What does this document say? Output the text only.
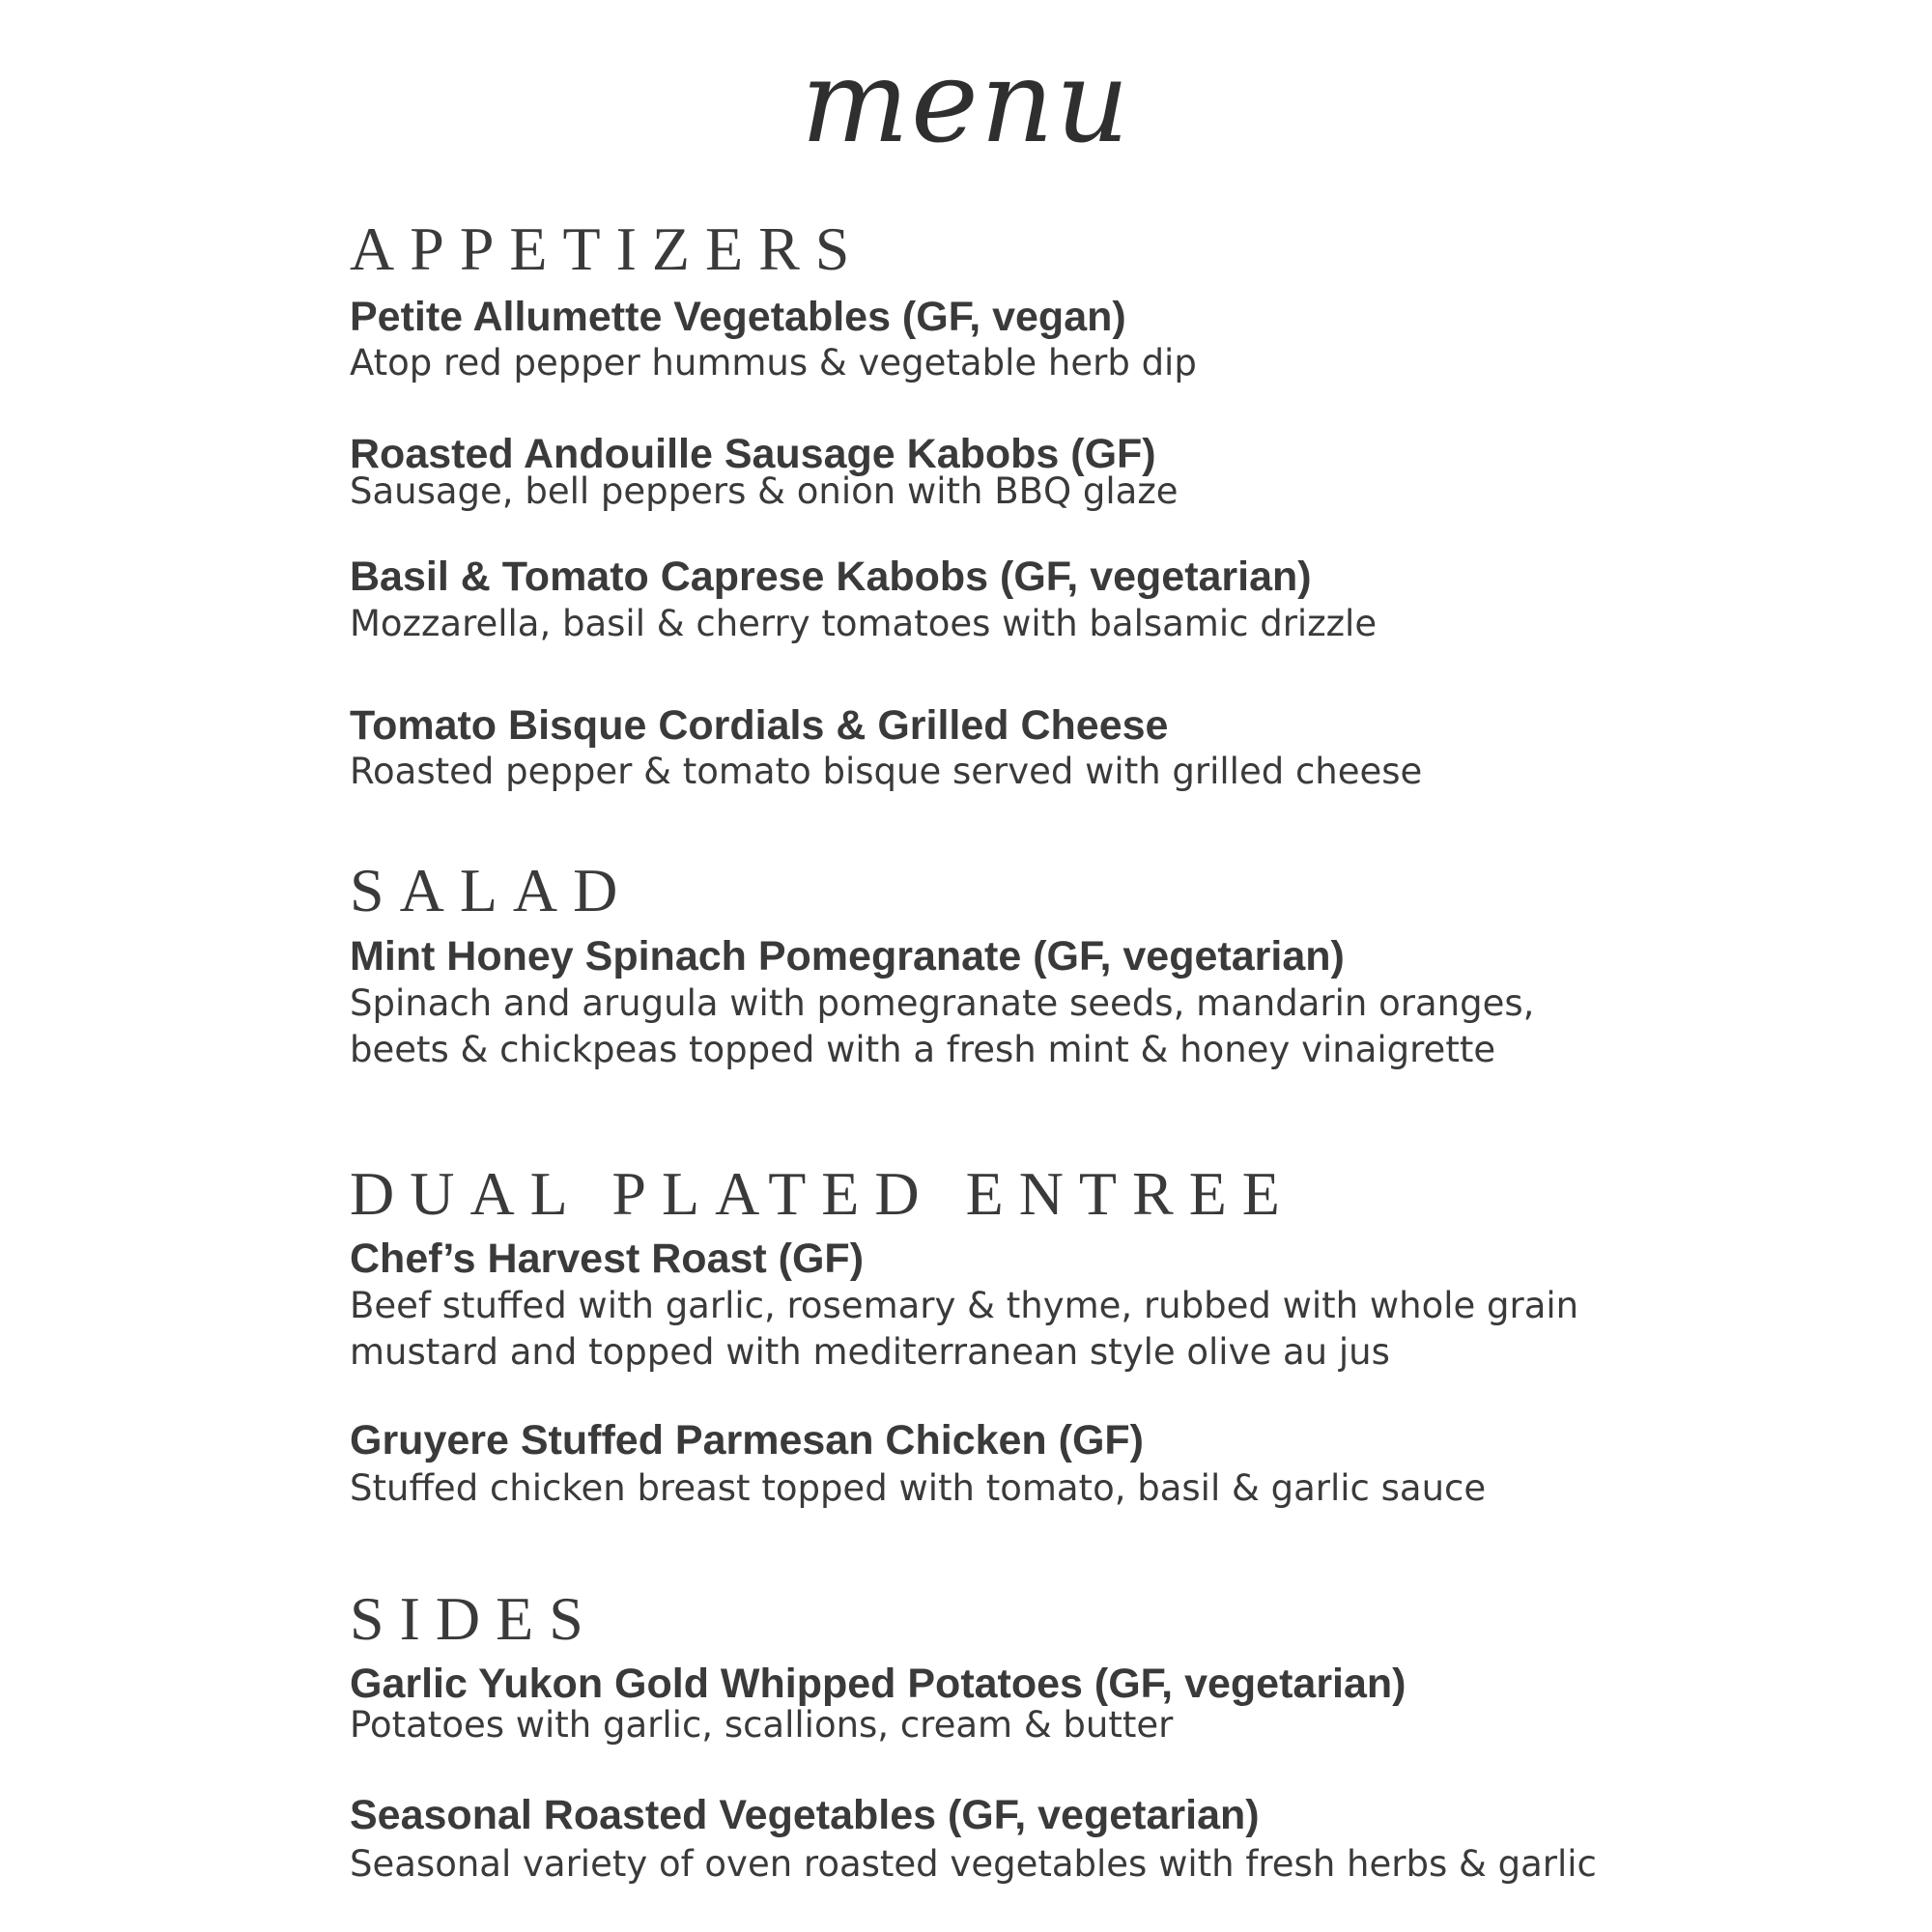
menu
APPETIZERS
Petite Allumette Vegetables (GF, vegan)
Atop red pepper hummus & vegetable herb dip
Roasted Andouille Sausage Kabobs (GF)
Sausage, bell peppers & onion with BBQ glaze
Basil & Tomato Caprese Kabobs (GF, vegetarian)
Mozzarella, basil & cherry tomatoes with balsamic drizzle
Tomato Bisque Cordials & Grilled Cheese
Roasted pepper & tomato bisque served with grilled cheese
SALAD
Mint Honey Spinach Pomegranate (GF, vegetarian)
Spinach and arugula with pomegranate seeds, mandarin oranges,
beets & chickpeas topped with a fresh mint & honey vinaigrette
DUAL PLATED ENTREE
Chef’s Harvest Roast (GF)
Beef stuffed with garlic, rosemary & thyme, rubbed with whole grain
mustard and topped with mediterranean style olive au jus
Gruyere Stuffed Parmesan Chicken (GF)
Stuffed chicken breast topped with tomato, basil & garlic sauce
SIDES
Garlic Yukon Gold Whipped Potatoes (GF, vegetarian)
Potatoes with garlic, scallions, cream & butter
Seasonal Roasted Vegetables (GF, vegetarian)
Seasonal variety of oven roasted vegetables with fresh herbs & garlic
